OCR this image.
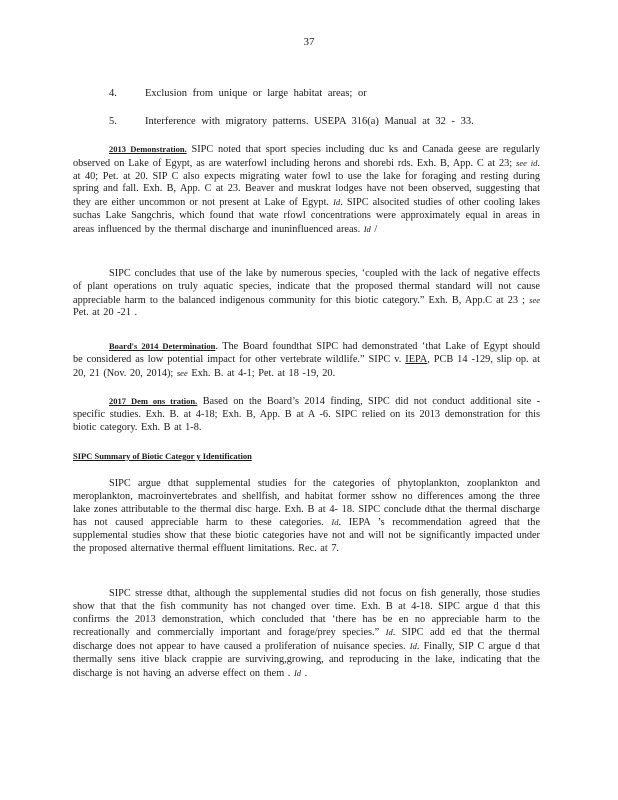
37
4.	Exclusion from unique or large habitat areas; or
5.	Interference with migratory patterns. USEPA 316(a) Manual at 32 - 33.
2013 Demonstration. SIPC noted that sport species including duc ks and Canada geese are regularly observed on Lake of Egypt, as are waterfowl including herons and shorebi rds. Exh. B, App. C at 23; see id. at 40; Pet. at 20. SIP C also expects migrating water fowl to use the lake for foraging and resting during spring and fall. Exh. B, App. C at 23. Beaver and muskrat lodges have not been observed, suggesting that they are either uncommon or not present at Lake of Egypt. Id. SIPC alsocited studies of other cooling lakes suchas Lake Sangchris, which found that wate rfowl concentrations were approximately equal in areas in areas influenced by the thermal discharge and inuninfluenced areas. Id /
SIPC concludes that use of the lake by numerous species, ‘coupled with the lack of negative effects of plant operations on truly aquatic species, indicate that the proposed thermal standard will not cause appreciable harm to the balanced indigenous community for this biotic category.” Exh. B, App.C at 23 ; see Pet. at 20 -21 .
Board's 2014 Determination. The Board foundthat SIPC had demonstrated ‘that Lake of Egypt should be considered as low potential impact for other vertebrate wildlife.” SIPC v. IEPA, PCB 14 -129, slip op. at 20, 21 (Nov. 20, 2014); see Exh. B. at 4-1; Pet. at 18 -19, 20.
2017 Dem ons tration. Based on the Board’s 2014 finding, SIPC did not conduct additional site -specific studies. Exh. B. at 4-18; Exh. B, App. B at A -6. SIPC relied on its 2013 demonstration for this biotic category. Exh. B at 1-8.
SIPC Summary of Biotic Categor y Identification
SIPC argue dthat supplemental studies for the categories of phytoplankton, zooplankton and meroplankton, macroinvertebrates and shellfish, and habitat former sshow no differences among the three lake zones attributable to the thermal disc harge. Exh. B at 4- 18. SIPC conclude dthat the thermal discharge has not caused appreciable harm to these categories. Id. IEPA ’s recommendation agreed that the supplemental studies show that these biotic categories have not and will not be significantly impacted under the proposed alternative thermal effluent limitations. Rec. at 7.
SIPC stresse dthat, although the supplemental studies did not focus on fish generally, those studies show that that the fish community has not changed over time. Exh. B at 4-18. SIPC argue d that this confirms the 2013 demonstration, which concluded that ‘there has be en no appreciable harm to the recreationally and commercially important and forage/prey species.” Id. SIPC add ed that the thermal discharge does not appear to have caused a proliferation of nuisance species. Id. Finally, SIP C argue d that thermally sens itive black crappie are surviving,growing, and reproducing in the lake, indicating that the discharge is not having an adverse effect on them . Id .
